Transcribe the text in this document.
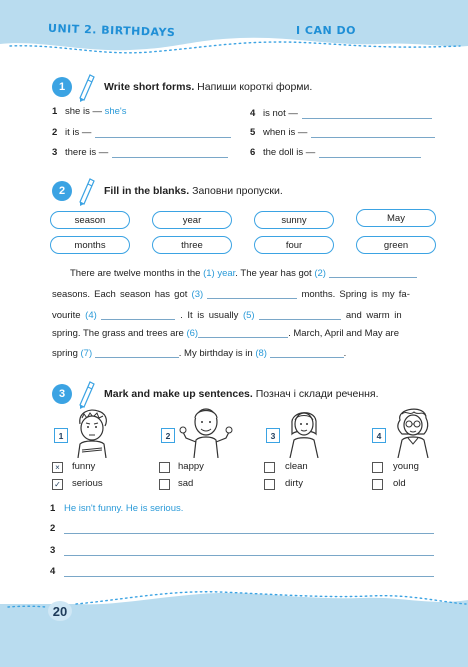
UNIT 2. BIRTHDAYS	I CAN DO
1	Write short forms. Напиши короткі форми.
1 she is —
she's
2 it is —
3 there is —
4 is not —
5 when is —
6 the doll is —
2	Fill in the blanks. Заповни пропуски.
season	year	sunny	May
months	three	four	green
There are twelve months in the (1) year. The year has got (2)
seasons. Each season has got (3)	months. Spring is my fa-
vourite (4)	. It is usually (5)	and warm in
spring. The grass and trees are (6)	. March, April and May are
spring (7)	. My birthday is in (8)	.
3	Mark and make up sentences. Познач і склади речення.
1	2	3	4
×	funny
✓ serious
happy
sad
clean
dirty
young
old
1 He isn't funny. He is serious.
2
3
4
20
